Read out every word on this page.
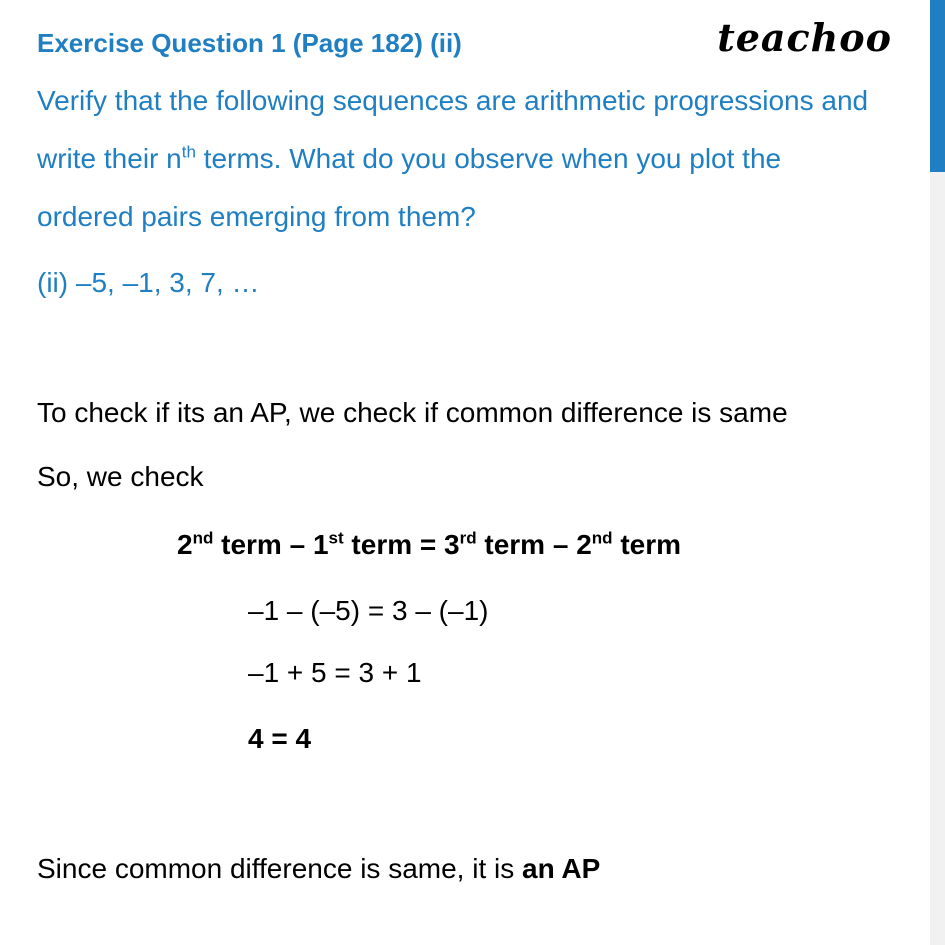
Exercise Question 1 (Page 182) (ii)	teachoo
Verify that the following sequences are arithmetic progressions and
write their $n^{th}$ terms. What do you observe when you plot the
ordered pairs emerging from them?
(ii) –5, –1, 3, 7, …
To check if its an AP, we check if common difference is same
So, we check
2nd term – 1st term = 3rd term – 2nd term
–1 – (–5) = 3 – (–1)
–1 + 5 = 3 + 1
4 = 4
Since common difference is same, it is an AP
